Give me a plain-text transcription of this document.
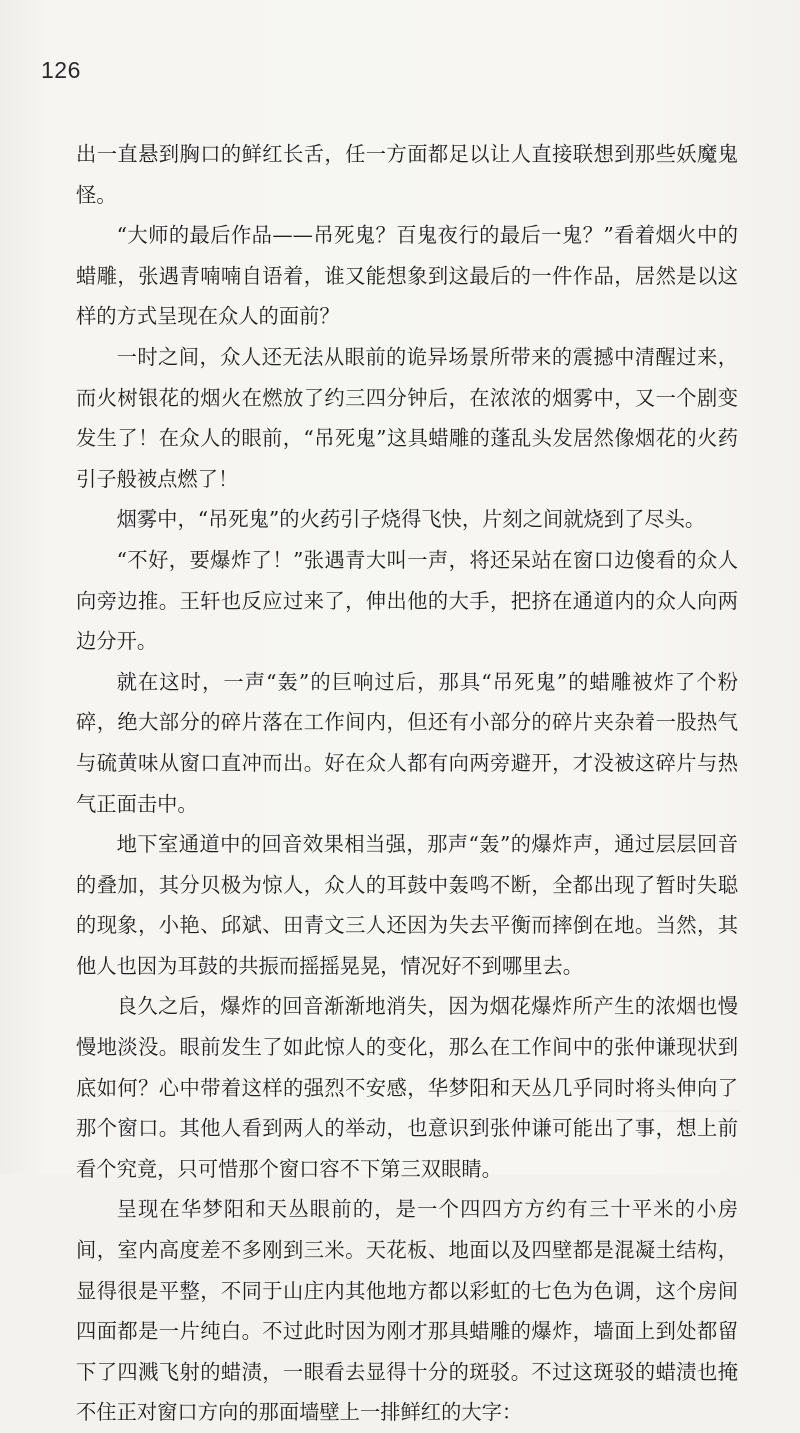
126

出一直悬到胸口的鲜红长舌，任一方面都足以让人直接联想到那些妖魔鬼怪。

“大师的最后作品——吊死鬼？百鬼夜行的最后一鬼？”看着烟火中的蜡雕，张遇青喃喃自语着，谁又能想象到这最后的一件作品，居然是以这样的方式呈现在众人的面前？

一时之间，众人还无法从眼前的诡异场景所带来的震撼中清醒过来，而火树银花的烟火在燃放了约三四分钟后，在浓浓的烟雾中，又一个剧变发生了！在众人的眼前，“吊死鬼”这具蜡雕的蓬乱头发居然像烟花的火药引子般被点燃了！

烟雾中，“吊死鬼”的火药引子烧得飞快，片刻之间就烧到了尽头。

“不好，要爆炸了！”张遇青大叫一声，将还呆站在窗口边傻看的众人向旁边推。王轩也反应过来了，伸出他的大手，把挤在通道内的众人向两边分开。

就在这时，一声“轰”的巨响过后，那具“吊死鬼”的蜡雕被炸了个粉碎，绝大部分的碎片落在工作间内，但还有小部分的碎片夹杂着一股热气与硫黄味从窗口直冲而出。好在众人都有向两旁避开，才没被这碎片与热气正面击中。

地下室通道中的回音效果相当强，那声“轰”的爆炸声，通过层层回音的叠加，其分贝极为惊人，众人的耳鼓中轰鸣不断，全都出现了暂时失聪的现象，小艳、邱斌、田青文三人还因为失去平衡而摔倒在地。当然，其他人也因为耳鼓的共振而摇摇晃晃，情况好不到哪里去。

良久之后，爆炸的回音渐渐地消失，因为烟花爆炸所产生的浓烟也慢慢地淡没。眼前发生了如此惊人的变化，那么在工作间中的张仲谦现状到底如何？心中带着这样的强烈不安感，华梦阳和天丛几乎同时将头伸向了那个窗口。其他人看到两人的举动，也意识到张仲谦可能出了事，想上前看个究竟，只可惜那个窗口容不下第三双眼睛。

呈现在华梦阳和天丛眼前的，是一个四四方方约有三十平米的小房间，室内高度差不多刚到三米。天花板、地面以及四壁都是混凝土结构，显得很是平整，不同于山庄内其他地方都以彩虹的七色为色调，这个房间四面都是一片纯白。不过此时因为刚才那具蜡雕的爆炸，墙面上到处都留下了四溅飞射的蜡渍，一眼看去显得十分的斑驳。不过这斑驳的蜡渍也掩不住正对窗口方向的那面墙壁上一排鲜红的大字：
